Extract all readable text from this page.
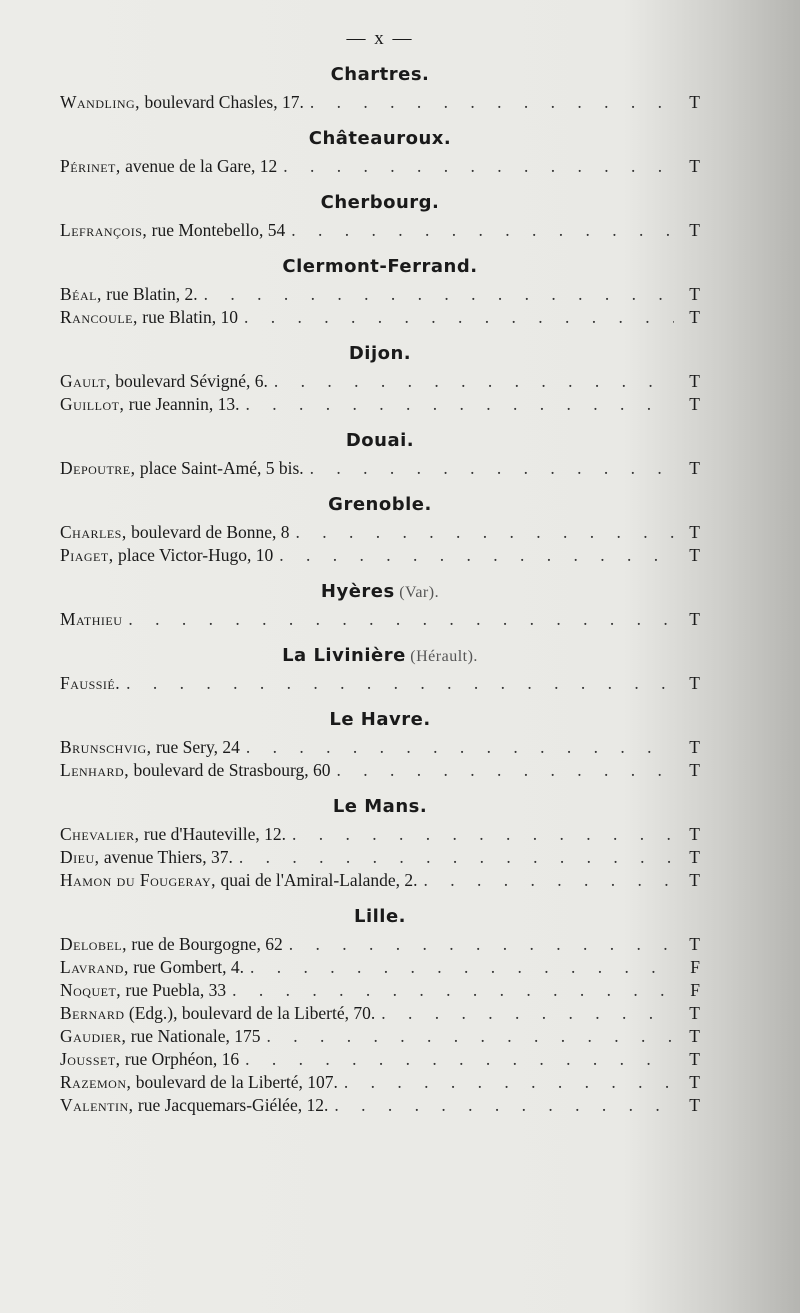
— x —
Chartres.
Wandling, boulevard Chasles, 17. . . .	T
Châteauroux.
Périnet, avenue de la Gare, 12 . . .	T
Cherbourg.
Lefrançois, rue Montebello, 54 . . .	T
Clermont-Ferrand.
Béal, rue Blatin, 2. . . .	T
Rancoule, rue Blatin, 10 . . .	T
Dijon.
Gault, boulevard Sévigné, 6. . . .	T
Guillot, rue Jeannin, 13. . . .	T
Douai.
Depoutre, place Saint-Amé, 5 bis. . . .	T
Grenoble.
Charles, boulevard de Bonne, 8 . . .	T
Piaget, place Victor-Hugo, 10 . . .	T
Hyères (Var).
Mathieu . . .	T
La Livinière (Hérault).
Faussié. . . .	T
Le Havre.
Brunschvig, rue Sery, 24 . . .	T
Lenhard, boulevard de Strasbourg, 60 . . .	T
Le Mans.
Chevalier, rue d'Hauteville, 12. . . .	T
Dieu, avenue Thiers, 37. . . .	T
Hamon du Fougeray, quai de l'Amiral-Lalande, 2. . . .	T
Lille.
Delobel, rue de Bourgogne, 62 . . .	T
Lavrand, rue Gombert, 4. . . .	F
Noquet, rue Puebla, 33 . . .	F
Bernard (Edg.), boulevard de la Liberté, 70. . . .	T
Gaudier, rue Nationale, 175 . . .	T
Jousset, rue Orphéon, 16 . . .	T
Razemon, boulevard de la Liberté, 107. . . .	T
Valentin, rue Jacquemars-Giélée, 12. . . .	T
